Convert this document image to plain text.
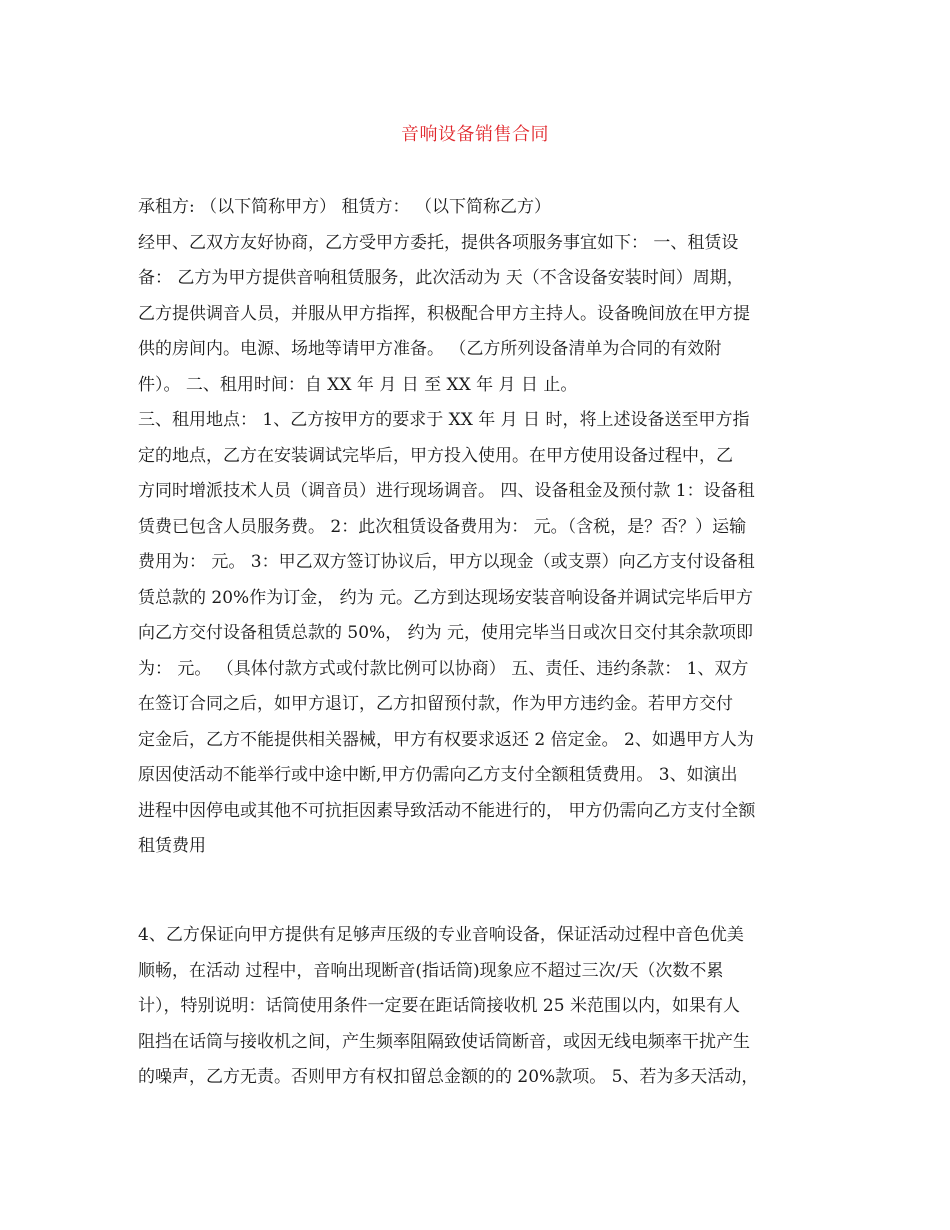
音响设备销售合同
承租方: （以下简称甲方） 租赁方： （以下简称乙方）
经甲、乙双方友好协商，乙方受甲方委托，提供各项服务事宜如下： 一、租赁设
备： 乙方为甲方提供音响租赁服务，此次活动为 天（不含设备安装时间）周期，
乙方提供调音人员，并服从甲方指挥，积极配合甲方主持人。设备晚间放在甲方提
供的房间内。电源、场地等请甲方准备。 （乙方所列设备清单为合同的有效附
件）。 二、租用时间：自 XX 年 月 日 至 XX 年 月 日 止。
三、租用地点： 1、乙方按甲方的要求于 XX 年 月 日 时，将上述设备送至甲方指
定的地点，乙方在安装调试完毕后，甲方投入使用。在甲方使用设备过程中，乙
方同时增派技术人员（调音员）进行现场调音。 四、设备租金及预付款 1：设备租
赁费已包含人员服务费。 2：此次租赁设备费用为： 元。（含税，是？否？）运输
费用为： 元。 3：甲乙双方签订协议后，甲方以现金（或支票）向乙方支付设备租
赁总款的 20%作为订金， 约为 元。乙方到达现场安装音响设备并调试完毕后甲方
向乙方交付设备租赁总款的 50%， 约为 元，使用完毕当日或次日交付其余款项即
为： 元。 （具体付款方式或付款比例可以协商） 五、责任、违约条款： 1、双方
在签订合同之后，如甲方退订，乙方扣留预付款，作为甲方违约金。若甲方交付
定金后，乙方不能提供相关器械，甲方有权要求返还 2 倍定金。 2、如遇甲方人为
原因使活动不能举行或中途中断,甲方仍需向乙方支付全额租赁费用。 3、如演出
进程中因停电或其他不可抗拒因素导致活动不能进行的， 甲方仍需向乙方支付全额
租赁费用
4、乙方保证向甲方提供有足够声压级的专业音响设备，保证活动过程中音色优美
顺畅，在活动 过程中，音响出现断音(指话筒)现象应不超过三次/天（次数不累
计），特别说明：话筒使用条件一定要在距话筒接收机 25 米范围以内，如果有人
阻挡在话筒与接收机之间，产生频率阻隔致使话筒断音，或因无线电频率干扰产生
的噪声，乙方无责。否则甲方有权扣留总金额的的 20%款项。 5、若为多天活动，
